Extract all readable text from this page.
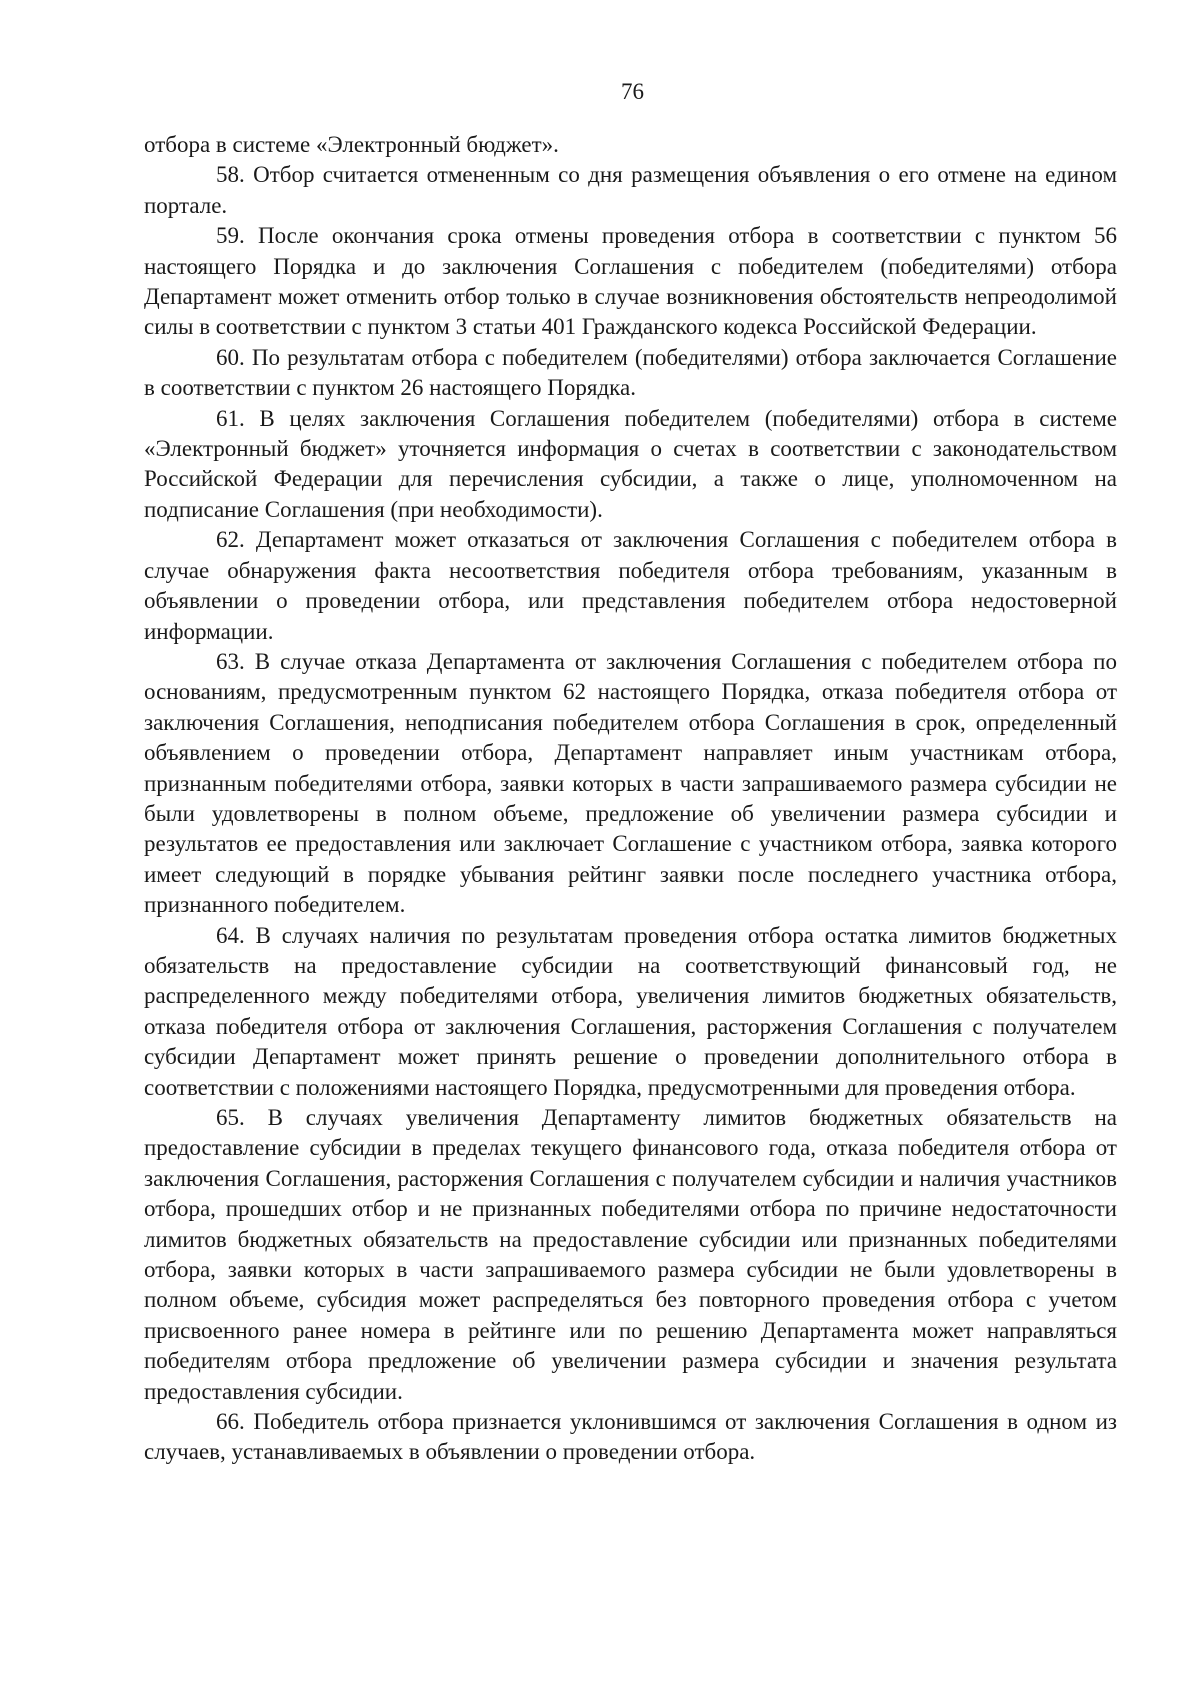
76

отбора в системе «Электронный бюджет».

58. Отбор считается отмененным со дня размещения объявления о его отмене на едином портале.

59. После окончания срока отмены проведения отбора в соответствии с пунктом 56 настоящего Порядка и до заключения Соглашения с победителем (победителями) отбора Департамент может отменить отбор только в случае возникновения обстоятельств непреодолимой силы в соответствии с пунктом 3 статьи 401 Гражданского кодекса Российской Федерации.

60. По результатам отбора с победителем (победителями) отбора заключается Соглашение в соответствии с пунктом 26 настоящего Порядка.

61. В целях заключения Соглашения победителем (победителями) отбора в системе «Электронный бюджет» уточняется информация о счетах в соответствии с законодательством Российской Федерации для перечисления субсидии, а также о лице, уполномоченном на подписание Соглашения (при необходимости).

62. Департамент может отказаться от заключения Соглашения с победителем отбора в случае обнаружения факта несоответствия победителя отбора требованиям, указанным в объявлении о проведении отбора, или представления победителем отбора недостоверной информации.

63. В случае отказа Департамента от заключения Соглашения с победителем отбора по основаниям, предусмотренным пунктом 62 настоящего Порядка, отказа победителя отбора от заключения Соглашения, неподписания победителем отбора Соглашения в срок, определенный объявлением о проведении отбора, Департамент направляет иным участникам отбора, признанным победителями отбора, заявки которых в части запрашиваемого размера субсидии не были удовлетворены в полном объеме, предложение об увеличении размера субсидии и результатов ее предоставления или заключает Соглашение с участником отбора, заявка которого имеет следующий в порядке убывания рейтинг заявки после последнего участника отбора, признанного победителем.

64. В случаях наличия по результатам проведения отбора остатка лимитов бюджетных обязательств на предоставление субсидии на соответствующий финансовый год, не распределенного между победителями отбора, увеличения лимитов бюджетных обязательств, отказа победителя отбора от заключения Соглашения, расторжения Соглашения с получателем субсидии Департамент может принять решение о проведении дополнительного отбора в соответствии с положениями настоящего Порядка, предусмотренными для проведения отбора.

65. В случаях увеличения Департаменту лимитов бюджетных обязательств на предоставление субсидии в пределах текущего финансового года, отказа победителя отбора от заключения Соглашения, расторжения Соглашения с получателем субсидии и наличия участников отбора, прошедших отбор и не признанных победителями отбора по причине недостаточности лимитов бюджетных обязательств на предоставление субсидии или признанных победителями отбора, заявки которых в части запрашиваемого размера субсидии не были удовлетворены в полном объеме, субсидия может распределяться без повторного проведения отбора с учетом присвоенного ранее номера в рейтинге или по решению Департамента может направляться победителям отбора предложение об увеличении размера субсидии и значения результата предоставления субсидии.

66. Победитель отбора признается уклонившимся от заключения Соглашения в одном из случаев, устанавливаемых в объявлении о проведении отбора.
